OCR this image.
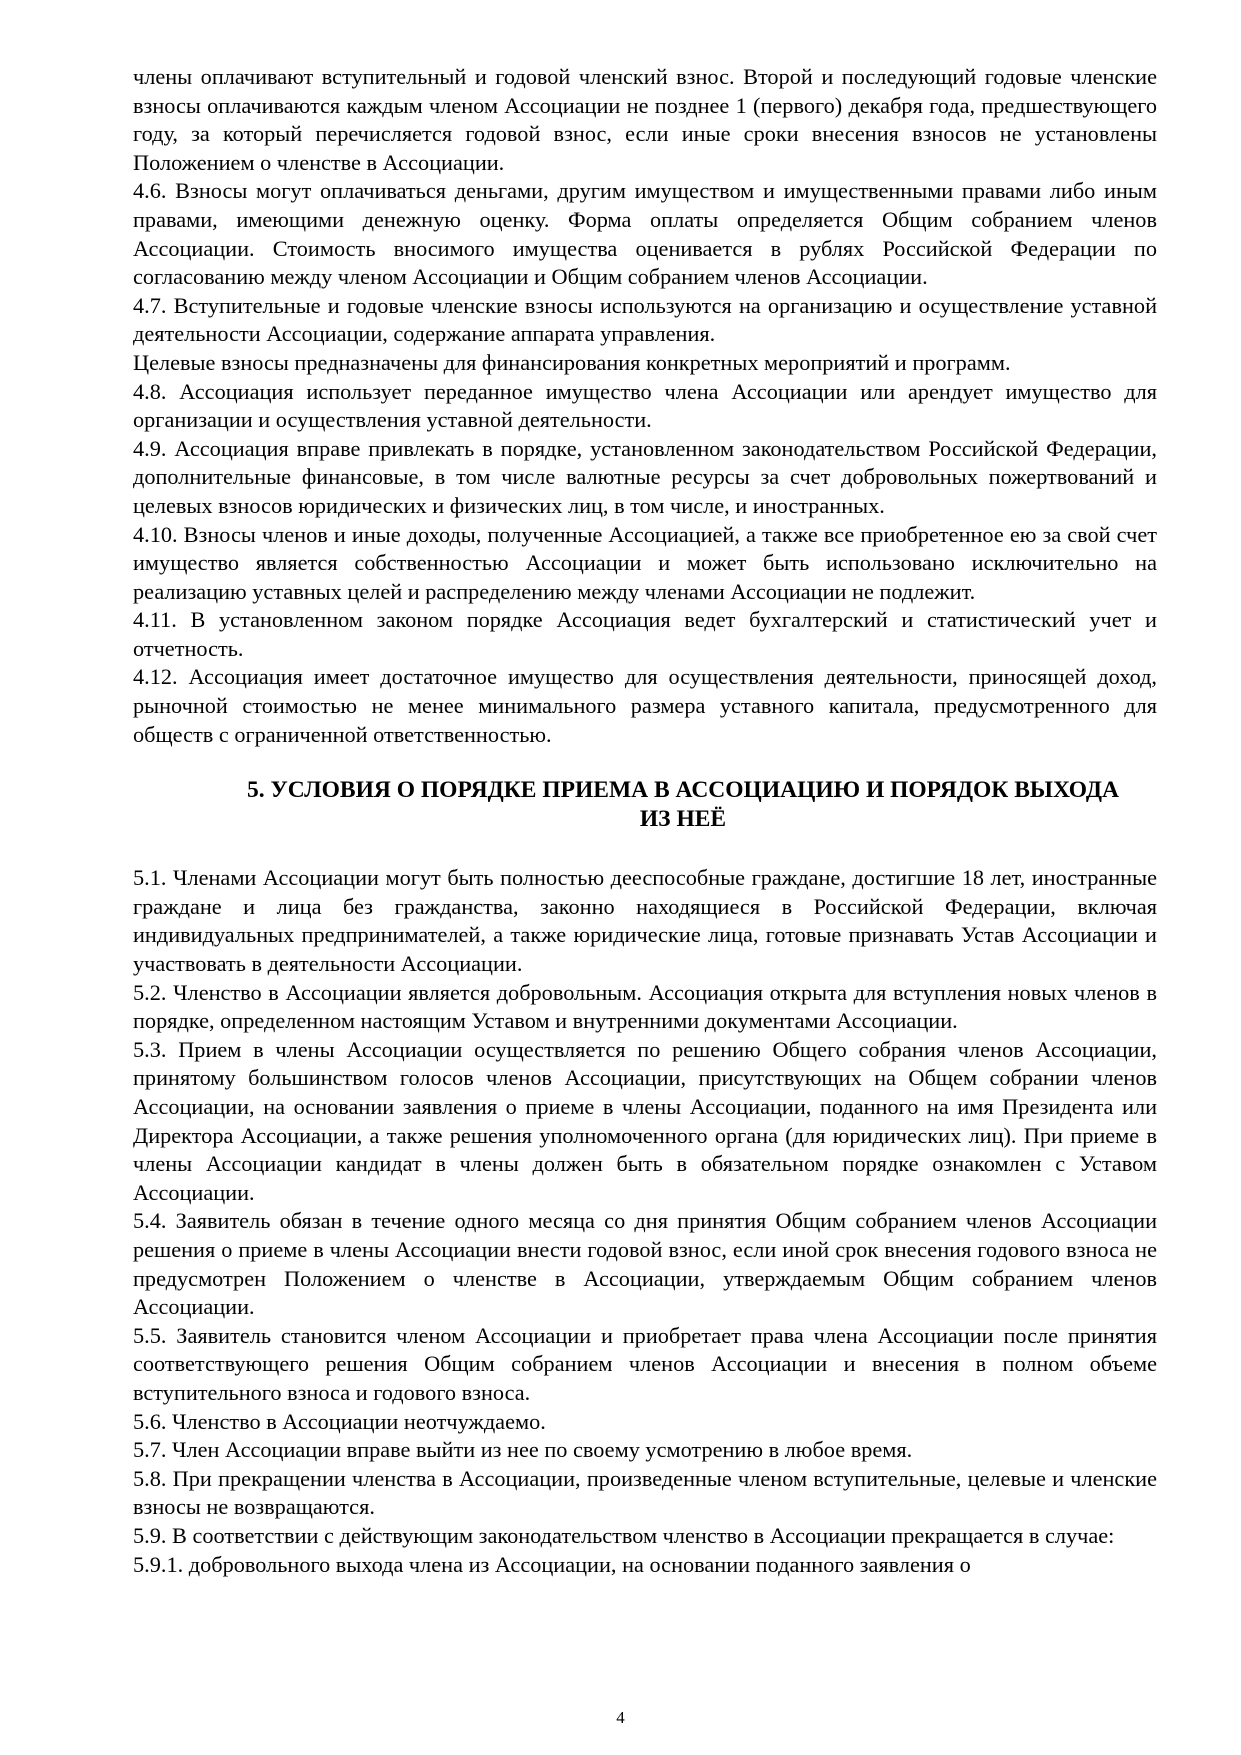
члены оплачивают вступительный и годовой членский взнос. Второй и последующий годовые членские взносы оплачиваются каждым членом Ассоциации не позднее 1 (первого) декабря года, предшествующего году, за который перечисляется годовой взнос, если иные сроки внесения взносов не установлены Положением о членстве в Ассоциации.

4.6. Взносы могут оплачиваться деньгами, другим имуществом и имущественными правами либо иным правами, имеющими денежную оценку. Форма оплаты определяется Общим собранием членов Ассоциации. Стоимость вносимого имущества оценивается в рублях Российской Федерации по согласованию между членом Ассоциации и Общим собранием членов Ассоциации.

4.7. Вступительные и годовые членские взносы используются на организацию и осуществление уставной деятельности Ассоциации, содержание аппарата управления.

Целевые взносы предназначены для финансирования конкретных мероприятий и программ.

4.8. Ассоциация использует переданное имущество члена Ассоциации или арендует имущество для организации и осуществления уставной деятельности.

4.9. Ассоциация вправе привлекать в порядке, установленном законодательством Российской Федерации, дополнительные финансовые, в том числе валютные ресурсы за счет добровольных пожертвований и целевых взносов юридических и физических лиц, в том числе, и иностранных.

4.10. Взносы членов и иные доходы, полученные Ассоциацией, а также все приобретенное ею за свой счет имущество является собственностью Ассоциации и может быть использовано исключительно на реализацию уставных целей и распределению между членами Ассоциации не подлежит.

4.11. В установленном законом порядке Ассоциация ведет бухгалтерский и статистический учет и отчетность.

4.12. Ассоциация имеет достаточное имущество для осуществления деятельности, приносящей доход, рыночной стоимостью не менее минимального размера уставного капитала, предусмотренного для обществ с ограниченной ответственностью.

5. УСЛОВИЯ О ПОРЯДКЕ ПРИЕМА В АССОЦИАЦИЮ И ПОРЯДОК ВЫХОДА
ИЗ НЕЁ

5.1. Членами Ассоциации могут быть полностью дееспособные граждане, достигшие 18 лет, иностранные граждане и лица без гражданства, законно находящиеся в Российской Федерации, включая индивидуальных предпринимателей, а также юридические лица, готовые признавать Устав Ассоциации и участвовать в деятельности Ассоциации.

5.2. Членство в Ассоциации является добровольным. Ассоциация открыта для вступления новых членов в порядке, определенном настоящим Уставом и внутренними документами Ассоциации.

5.3. Прием в члены Ассоциации осуществляется по решению Общего собрания членов Ассоциации, принятому большинством голосов членов Ассоциации, присутствующих на Общем собрании членов Ассоциации, на основании заявления о приеме в члены Ассоциации, поданного на имя Президента или Директора Ассоциации, а также решения уполномоченного органа (для юридических лиц). При приеме в члены Ассоциации кандидат в члены должен быть в обязательном порядке ознакомлен с Уставом Ассоциации.

5.4. Заявитель обязан в течение одного месяца со дня принятия Общим собранием членов Ассоциации решения о приеме в члены Ассоциации внести годовой взнос, если иной срок внесения годового взноса не предусмотрен Положением о членстве в Ассоциации, утверждаемым Общим собранием членов Ассоциации.

5.5. Заявитель становится членом Ассоциации и приобретает права члена Ассоциации после принятия соответствующего решения Общим собранием членов Ассоциации и внесения в полном объеме вступительного взноса и годового взноса.

5.6. Членство в Ассоциации неотчуждаемо.

5.7. Член Ассоциации вправе выйти из нее по своему усмотрению в любое время.

5.8. При прекращении членства в Ассоциации, произведенные членом вступительные, целевые и членские взносы не возвращаются.

5.9. В соответствии с действующим законодательством членство в Ассоциации прекращается в случае:

5.9.1. добровольного выхода члена из Ассоциации, на основании поданного заявления о

4
